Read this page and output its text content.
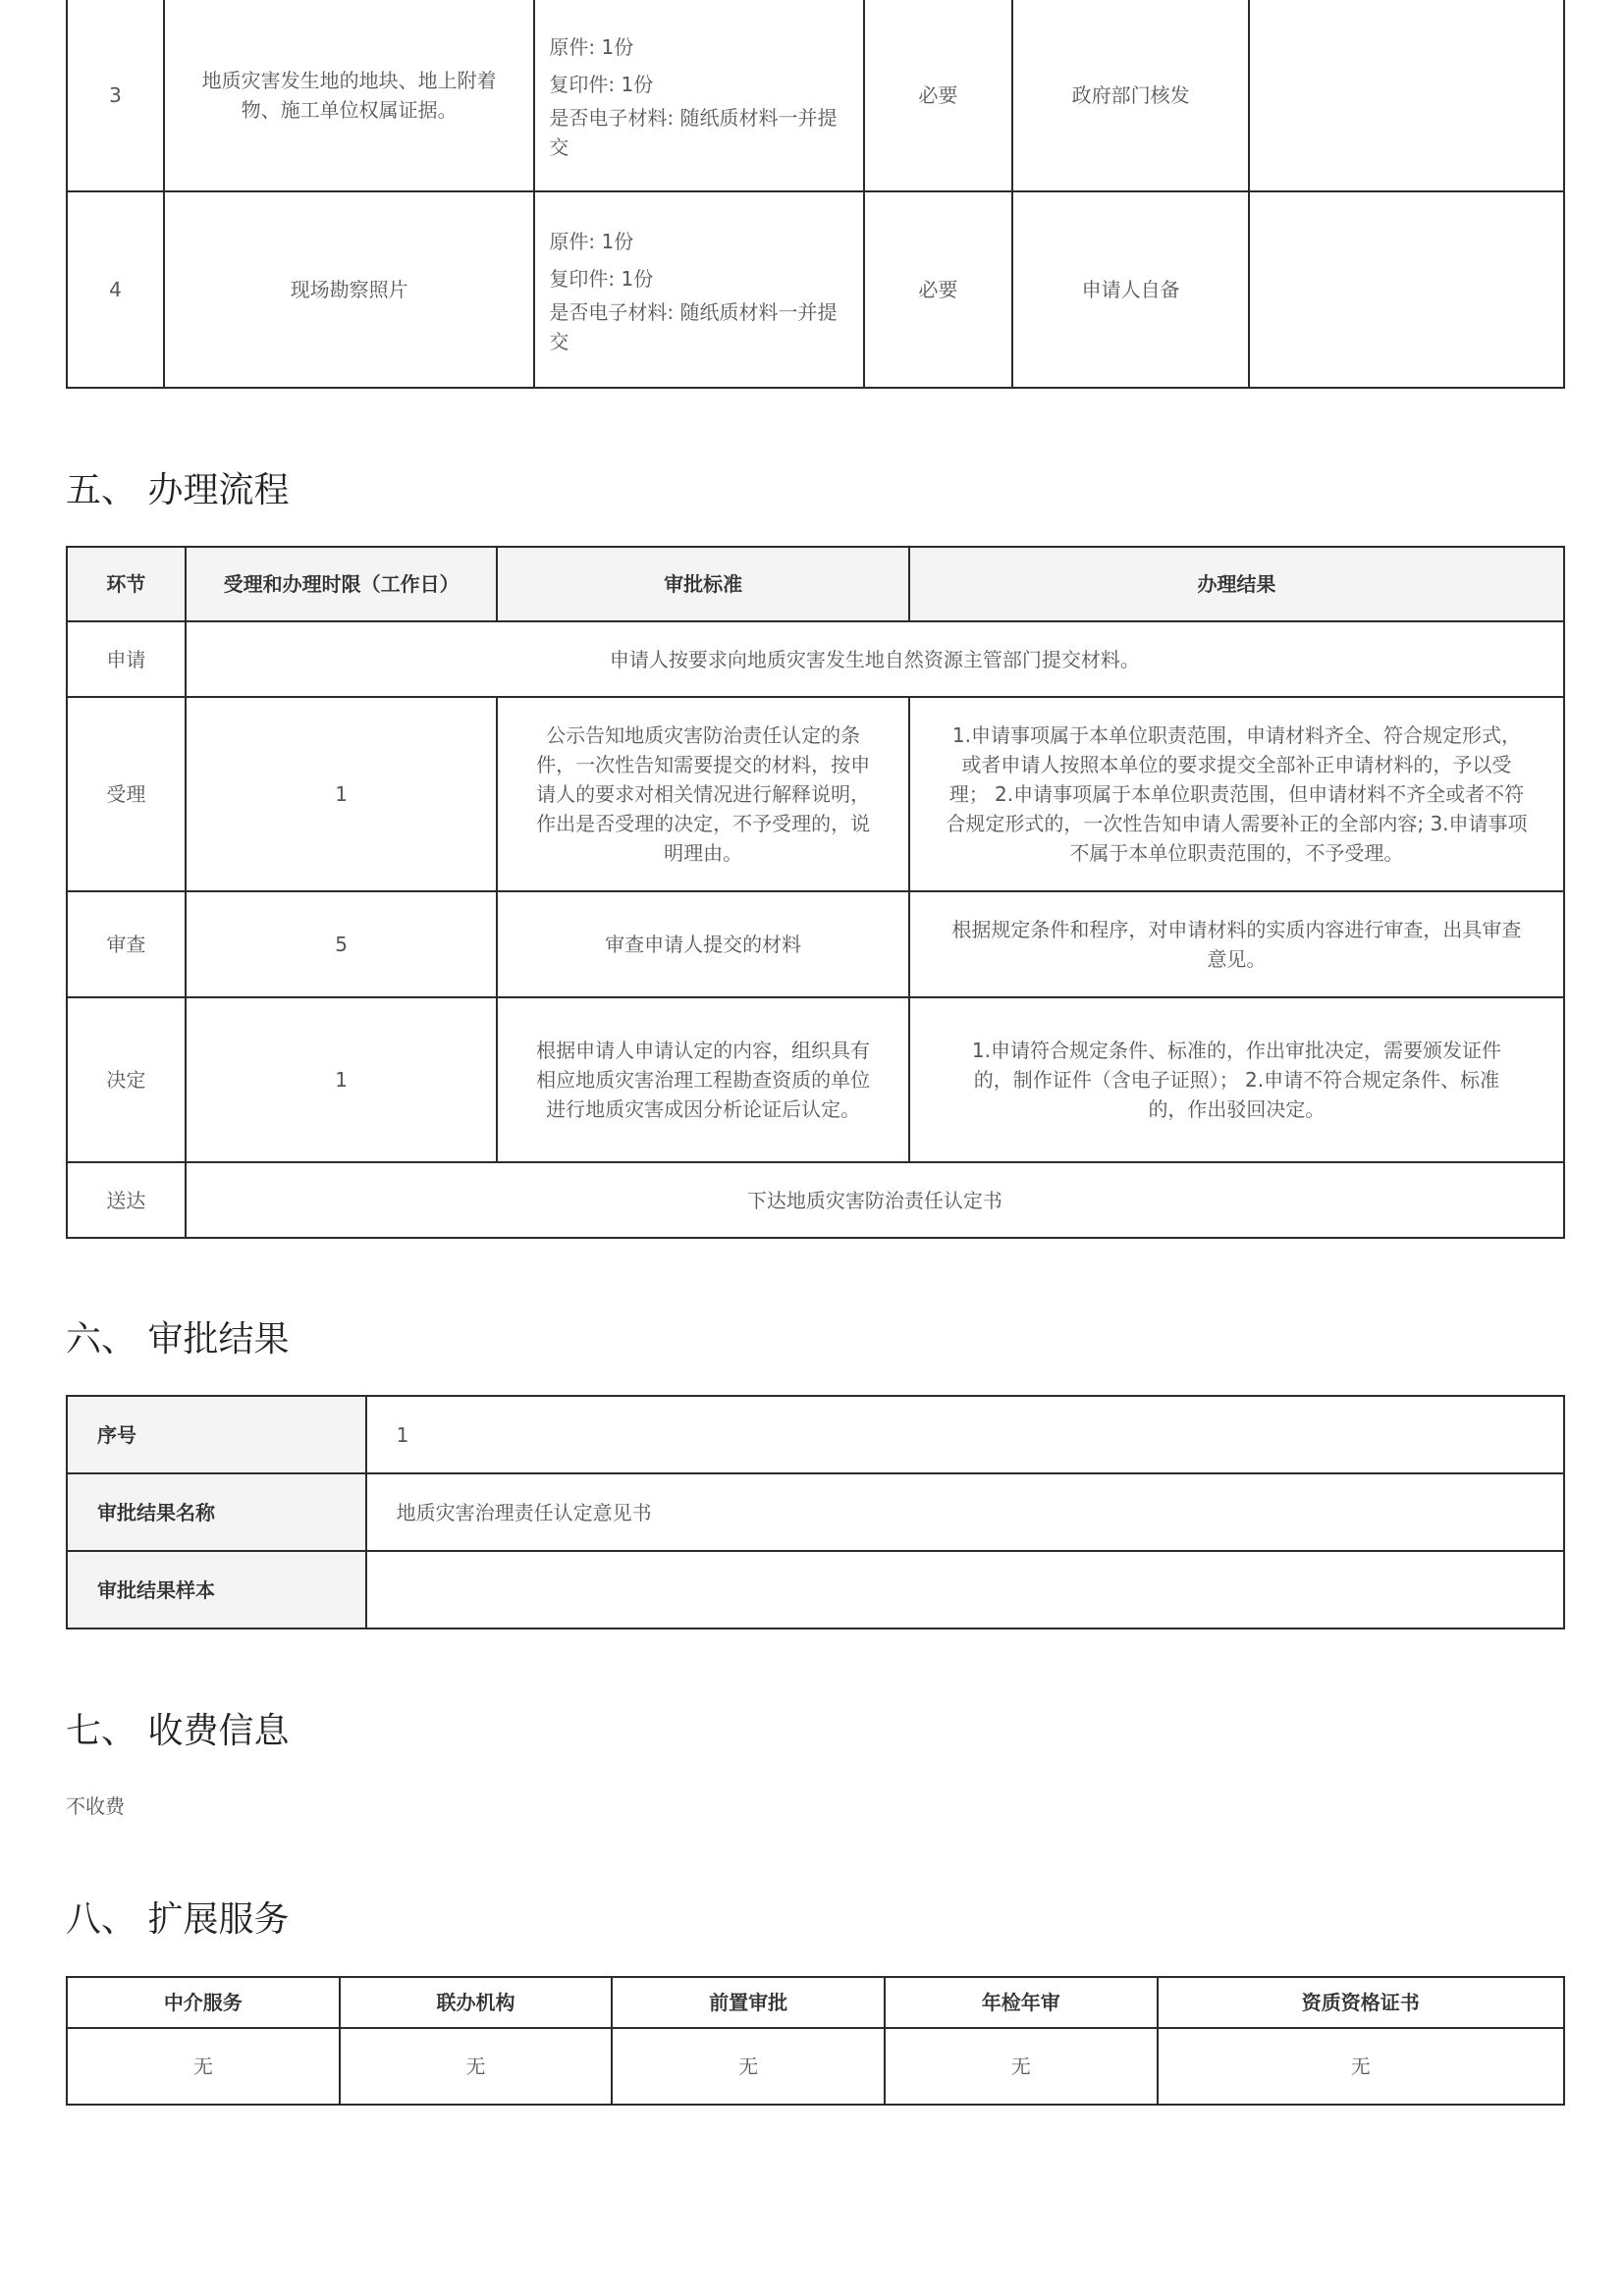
3	地质灾害发生地的地块、地上附着物、施工单位权属证据。	原件: 1份
复印件: 1份
是否电子材料: 随纸质材料一并提交	必要	政府部门核发	
4	现场勘察照片	原件: 1份
复印件: 1份
是否电子材料: 随纸质材料一并提交	必要	申请人自备	
五、 办理流程
环节	受理和办理时限（工作日）	审批标准	办理结果
申请	申请人按要求向地质灾害发生地自然资源主管部门提交材料。		
受理	1	公示告知地质灾害防治责任认定的条件，一次性告知需要提交的材料，按申请人的要求对相关情况进行解释说明，作出是否受理的决定，不予受理的，说明理由。	1.申请事项属于本单位职责范围，申请材料齐全、符合规定形式，或者申请人按照本单位的要求提交全部补正申请材料的，予以受理； 2.申请事项属于本单位职责范围，但申请材料不齐全或者不符合规定形式的，一次性告知申请人需要补正的全部内容; 3.申请事项不属于本单位职责范围的，不予受理。
审查	5	审查申请人提交的材料	根据规定条件和程序，对申请材料的实质内容进行审查，出具审查意见。
决定	1	根据申请人申请认定的内容，组织具有相应地质灾害治理工程勘查资质的单位进行地质灾害成因分析论证后认定。	1.申请符合规定条件、标准的，作出审批决定，需要颁发证件的，制作证件（含电子证照）； 2.申请不符合规定条件、标准的，作出驳回决定。
送达	下达地质灾害防治责任认定书		
六、 审批结果
序号	1
审批结果名称	地质灾害治理责任认定意见书
审批结果样本	
七、 收费信息
不收费
八、 扩展服务
中介服务	联办机构	前置审批	年检年审	资质资格证书
无	无	无	无	无
